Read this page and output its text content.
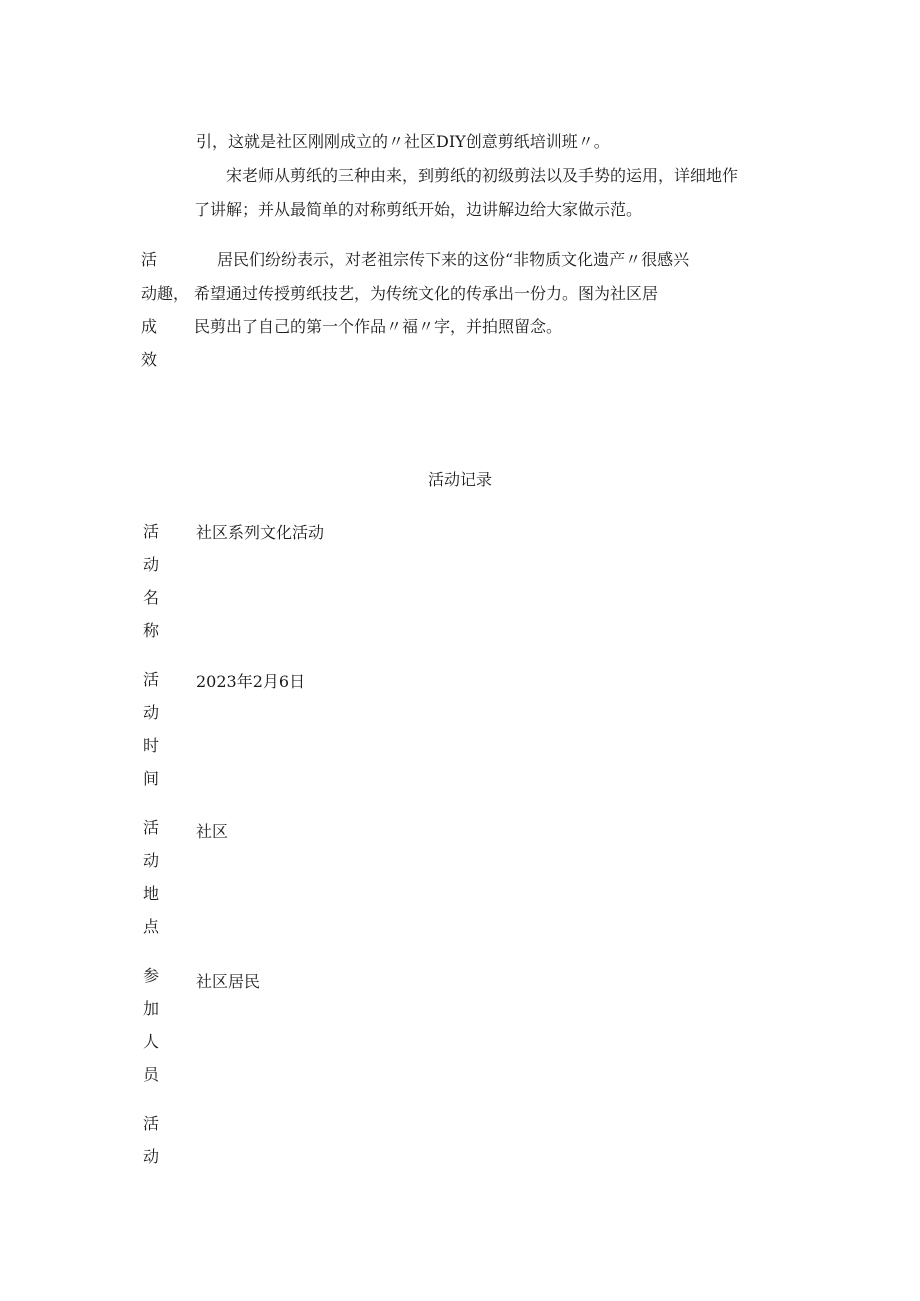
引，这就是社区刚刚成立的〃社区DIY创意剪纸培训班〃。
宋老师从剪纸的三种由来，到剪纸的初级剪法以及手势的运用，详细地作
了讲解；并从最简单的对称剪纸开始，边讲解边给大家做示范。
活
动趣，
成
效
居民们纷纷表示，对老祖宗传下来的这份“非物质文化遗产〃很感兴
希望通过传授剪纸技艺，为传统文化的传承出一份力。图为社区居
民剪出了自己的第一个作品〃福〃字，并拍照留念。
活动记录
活
动
名
称
社区系列文化活动
活
动
时
间
2023年2月6日
活
动
地
点
社区
参
加
人
员
社区居民
活
动
